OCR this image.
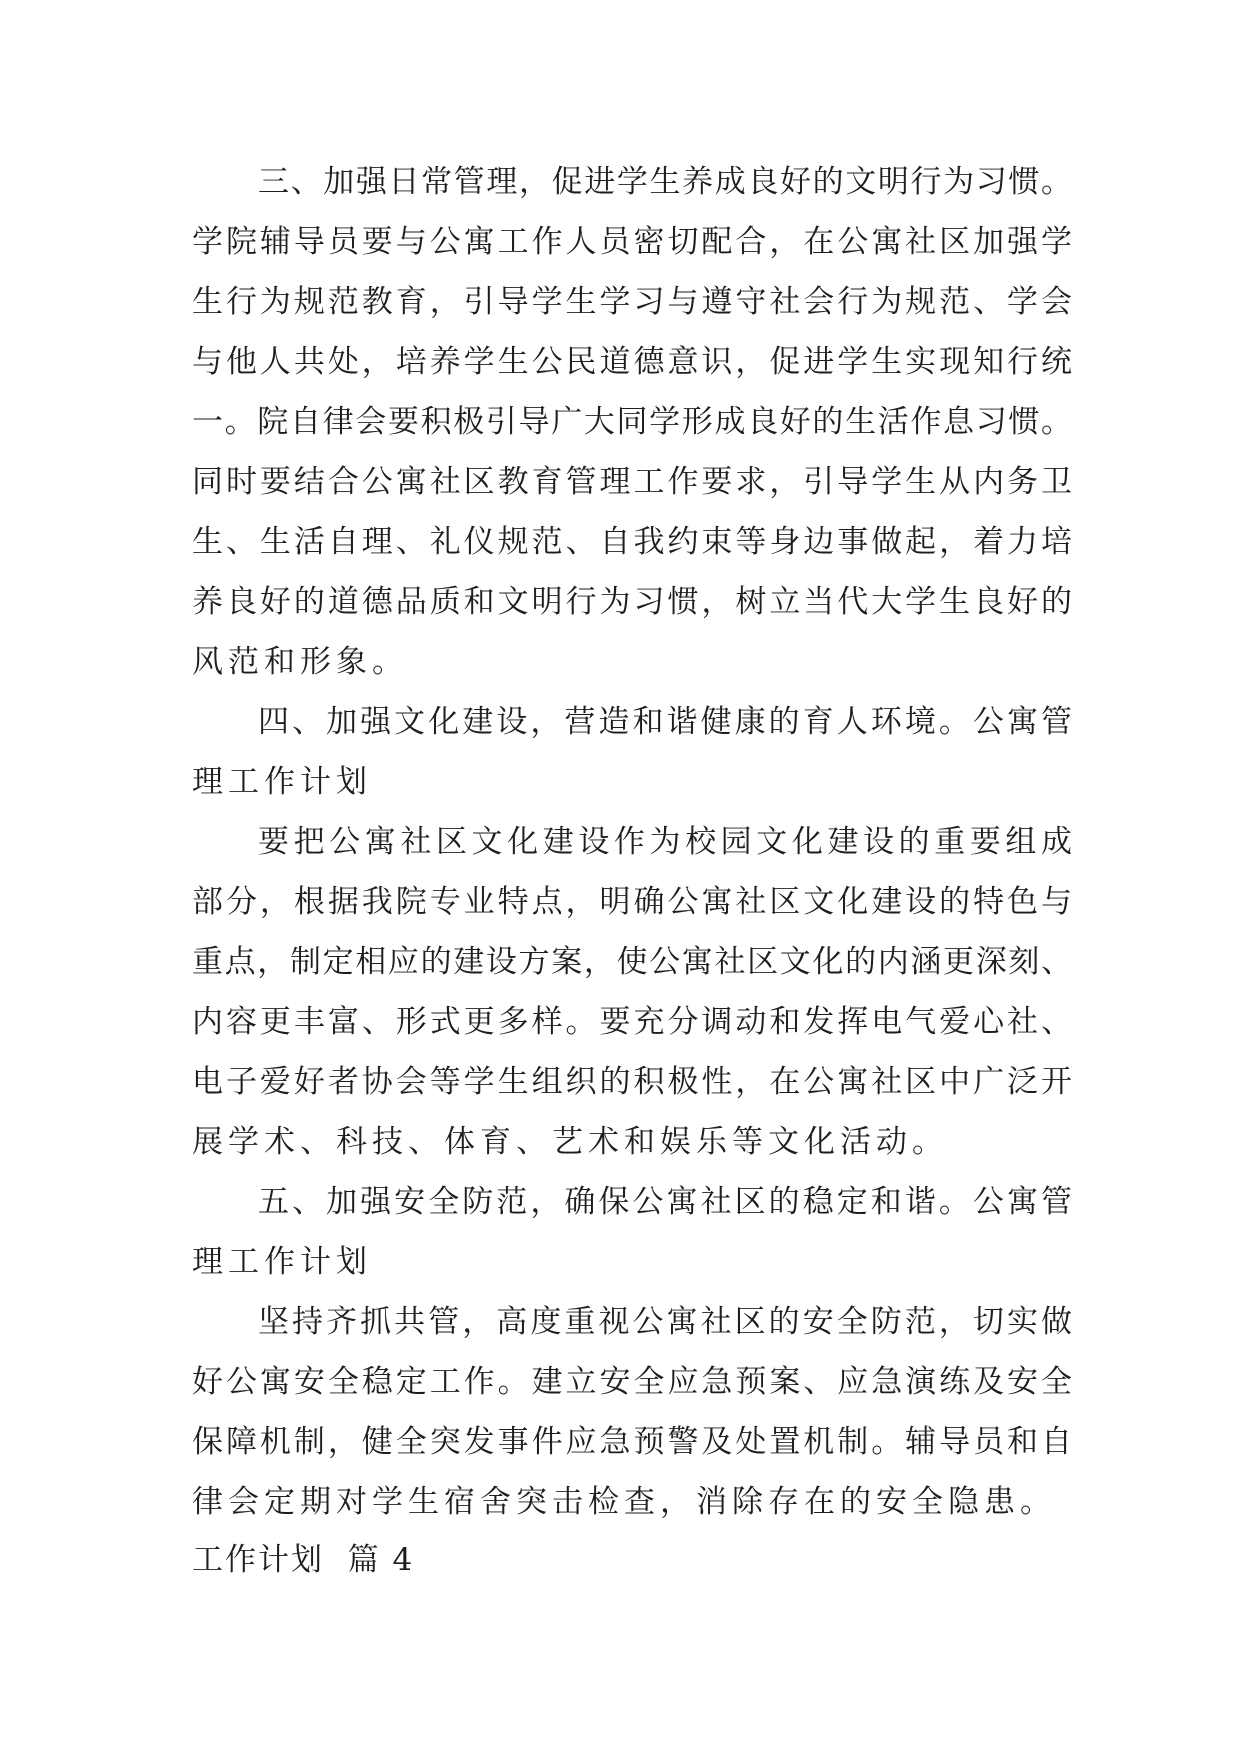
三、加强日常管理，促进学生养成良好的文明行为习惯。
学院辅导员要与公寓工作人员密切配合，在公寓社区加强学
生行为规范教育，引导学生学习与遵守社会行为规范、学会
与他人共处，培养学生公民道德意识，促进学生实现知行统
一。院自律会要积极引导广大同学形成良好的生活作息习惯。
同时要结合公寓社区教育管理工作要求，引导学生从内务卫
生、生活自理、礼仪规范、自我约束等身边事做起，着力培
养良好的道德品质和文明行为习惯，树立当代大学生良好的
风范和形象。
四、加强文化建设，营造和谐健康的育人环境。公寓管
理工作计划
要把公寓社区文化建设作为校园文化建设的重要组成
部分，根据我院专业特点，明确公寓社区文化建设的特色与
重点，制定相应的建设方案，使公寓社区文化的内涵更深刻、
内容更丰富、形式更多样。要充分调动和发挥电气爱心社、
电子爱好者协会等学生组织的积极性，在公寓社区中广泛开
展学术、科技、体育、艺术和娱乐等文化活动。
五、加强安全防范，确保公寓社区的稳定和谐。公寓管
理工作计划
坚持齐抓共管，高度重视公寓社区的安全防范，切实做
好公寓安全稳定工作。建立安全应急预案、应急演练及安全
保障机制，健全突发事件应急预警及处置机制。辅导员和自
律会定期对学生宿舍突击检查，消除存在的安全隐患。
工作计划  篇 4
